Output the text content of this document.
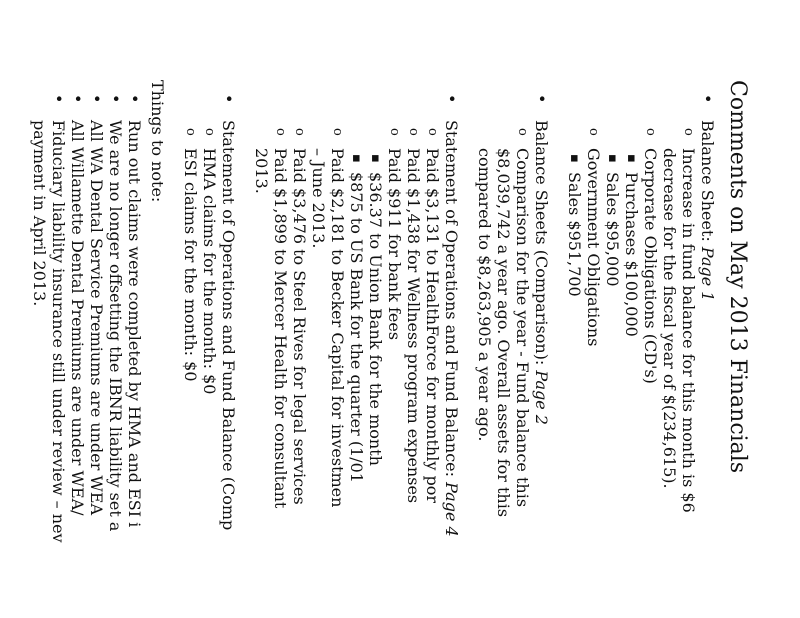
Comments on May 2013 Financials
• Balance Sheet: Page 1
o Increase in fund balance for this month is $6
decrease for the fiscal year of $(234,615).
o Corporate Obligations (CD's)
▪ Purchases $100,000
▪ Sales $95,000
o Government Obligations
▪ Sales $951,700
• Balance Sheets (Comparison): Page 2
o Comparison for the year - Fund balance this
$8,039,742 a year ago. Overall assets for this
compared to $8,263,905 a year ago.
• Statement of Operations and Fund Balance: Page 4
o Paid $3,131 to HealthForce for monthly por
o Paid $1,438 for Wellness program expenses
o Paid $911 for bank fees
▪ $36.37 to Union Bank for the month
▪ $875 to US Bank for the quarter (1/01
o Paid $2,181 to Becker Capital for investmen
– June 2013.
o Paid $3,476 to Steel Rives for legal services
o Paid $1,899 to Mercer Health for consultant
2013.
• Statement of Operations and Fund Balance (Comp
o HMA claims for the month: $0
o ESI claims for the month: $0
Things to note:
• Run out claims were completed by HMA and ESI i
• We are no longer offsetting the IBNR liability set a
• All WA Dental Service Premiums are under WEA
• All Willamette Dental Premiums are under WEA/
• Fiduciary liability insurance still under review – nev
payment in April 2013.
